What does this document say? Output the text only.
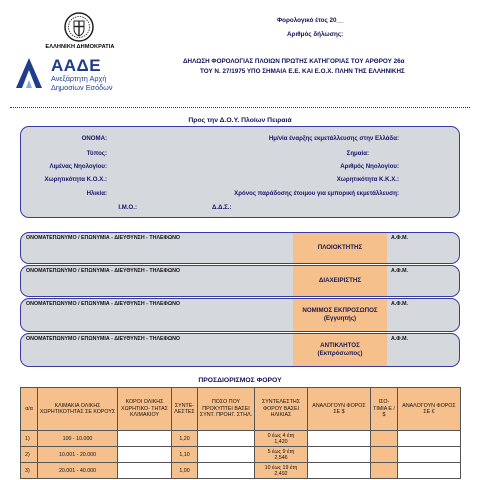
ΕΛΛΗΝΙΚΗ ΔΗΜΟΚΡΑΤΙΑ
ΑΑΔΕ
Ανεξάρτητη Αρχή
Δημοσίων Εσόδων
Φορολογικό έτος 20__
Αριθμός δήλωσης:
ΔΗΛΩΣΗ ΦΟΡΟΛΟΓΙΑΣ ΠΛΟΙΩΝ ΠΡΩΤΗΣ ΚΑΤΗΓΟΡΙΑΣ ΤΟΥ ΑΡΘΡΟΥ 26α
ΤΟΥ Ν. 27/1975 ΥΠΟ ΣΗΜΑΙΑ Ε.Ε. ΚΑΙ Ε.Ο.Χ. ΠΛΗΝ ΤΗΣ ΕΛΛΗΝΙΚΗΣ
Προς την Δ.Ο.Υ. Πλοίων Πειραιά
ΟΝΟΜΑ:
Τύπος:
Λιμένας Νηολογίου:
Χωρητικότητα Κ.Ο.Χ.:
Ηλικία:
Ι.Μ.Ο.:
Ημ/νία έναρξης εκμετάλλευσης στην Ελλάδα:
Σημαία:
Αριθμός Νηολογίου:
Χωρητικότητα Κ.Κ.Χ.:
Χρόνος παράδοσης έτοιμου για εμπορική εκμετάλλευση:
Δ.Δ.Σ.:
ΟΝΟΜΑΤΕΠΩΝΥΜΟ / ΕΠΩΝΥΜΙΑ - ΔΙΕΥΘΥΝΣΗ - ΤΗΛΕΦΩΝΟ
ΠΛΟΙΟΚΤΗΤΗΣ
Α.Φ.Μ.
ΟΝΟΜΑΤΕΠΩΝΥΜΟ / ΕΠΩΝΥΜΙΑ - ΔΙΕΥΘΥΝΣΗ - ΤΗΛΕΦΩΝΟ
ΔΙΑΧΕΙΡΙΣΤΗΣ
Α.Φ.Μ.
ΟΝΟΜΑΤΕΠΩΝΥΜΟ / ΕΠΩΝΥΜΙΑ - ΔΙΕΥΘΥΝΣΗ - ΤΗΛΕΦΩΝΟ
ΝΟΜΙΜΟΣ ΕΚΠΡΟΣΩΠΟΣ
(Εγγυητής)
Α.Φ.Μ.
ΟΝΟΜΑΤΕΠΩΝΥΜΟ / ΕΠΩΝΥΜΙΑ - ΔΙΕΥΘΥΝΣΗ - ΤΗΛΕΦΩΝΟ
ΑΝΤΙΚΛΗΤΟΣ
(Εκπρόσωπος)
Α.Φ.Μ.
ΠΡΟΣΔΙΟΡΙΣΜΟΣ ΦΟΡΟΥ
α/α	ΚΛΙΜΑΚΙΑ ΟΛΙΚΗΣ ΧΩΡΗΤΙΚΟΤΗΤΑΣ ΣΕ ΚΟΡΟΥΣ	ΚΟΡΟΙ ΟΛΙΚΗΣ ΧΩΡΗΤΙΚΟ- ΤΗΤΑΣ ΚΛΙΜΑΚΙΟΥ	ΣΥΝΤΕ- ΛΕΣΤΕΣ	ΠΟΣΟ ΠΟΥ ΠΡΟΚΥΠΤΕΙ ΒΑΣΕΙ ΣΥΝΤ. ΠΡΟΗΓ. ΣΤΗΛ.	ΣΥΝΤΕΛΕΣΤΗΣ ΦΟΡΟΥ ΒΑΣΕΙ ΗΛΙΚΙΑΣ	ΑΝΑΛΟΓΟΥΝ ΦΟΡΟΣ ΣΕ $	ΙΣΟ- ΤΙΜΙΑ Ε / $	ΑΝΑΛΟΓΟΥΝ ΦΟΡΟΣ ΣΕ €
1)	100 - 10.000		1,20		0 έως 4 έτη
1,420			

2)	10.001 - 20.000		1,10		5 έως 9 έτη
2,546			

3)	20.001 - 40.000		1,00		10 έως 19 έτη
2,492			
